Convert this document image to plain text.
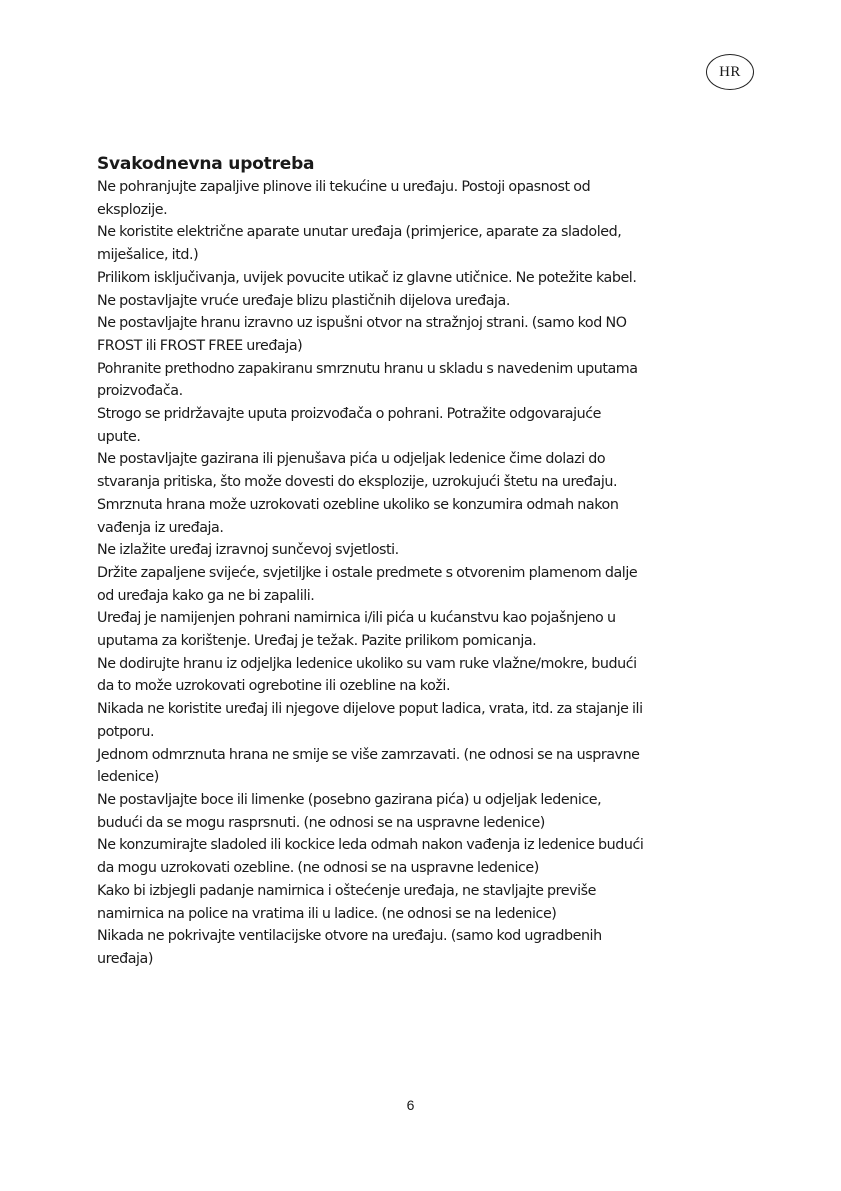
HR
Svakodnevna upotreba

Ne pohranjujte zapaljive plinove ili tekućine u uređaju. Postoji opasnost od
eksplozije.

Ne koristite električne aparate unutar uređaja (primjerice, aparate za sladoled,
miješalice, itd.)

Prilikom isključivanja, uvijek povucite utikač iz glavne utičnice. Ne potežite kabel.

Ne postavljajte vruće uređaje blizu plastičnih dijelova uređaja.

Ne postavljajte hranu izravno uz ispušni otvor na stražnjoj strani. (samo kod NO
FROST ili FROST FREE uređaja)

Pohranite prethodno zapakiranu smrznutu hranu u skladu s navedenim uputama
proizvođača.

Strogo se pridržavajte uputa proizvođača o pohrani. Potražite odgovarajuće
upute.

Ne postavljajte gazirana ili pjenušava pića u odjeljak ledenice čime dolazi do
stvaranja pritiska, što može dovesti do eksplozije, uzrokujući štetu na uređaju.

Smrznuta hrana može uzrokovati ozebline ukoliko se konzumira odmah nakon
vađenja iz uređaja.

Ne izlažite uređaj izravnoj sunčevoj svjetlosti.

Držite zapaljene svijeće, svjetiljke i ostale predmete s otvorenim plamenom dalje
od uređaja kako ga ne bi zapalili.

Uređaj je namijenjen pohrani namirnica i/ili pića u kućanstvu kao pojašnjeno u
uputama za korištenje. Uređaj je težak. Pazite prilikom pomicanja.

Ne dodirujte hranu iz odjeljka ledenice ukoliko su vam ruke vlažne/mokre, budući
da to može uzrokovati ogrebotine ili ozebline na koži.

Nikada ne koristite uređaj ili njegove dijelove poput ladica, vrata, itd. za stajanje ili
potporu.

Jednom odmrznuta hrana ne smije se više zamrzavati. (ne odnosi se na uspravne
ledenice)

Ne postavljajte boce ili limenke (posebno gazirana pića) u odjeljak ledenice,
budući da se mogu rasprsnuti. (ne odnosi se na uspravne ledenice)

Ne konzumirajte sladoled ili kockice leda odmah nakon vađenja iz ledenice budući
da mogu uzrokovati ozebline. (ne odnosi se na uspravne ledenice)

Kako bi izbjegli padanje namirnica i oštećenje uređaja, ne stavljajte previše
namirnica na police na vratima ili u ladice. (ne odnosi se na ledenice)

Nikada ne pokrivajte ventilacijske otvore na uređaju. (samo kod ugradbenih
uređaja)

6
